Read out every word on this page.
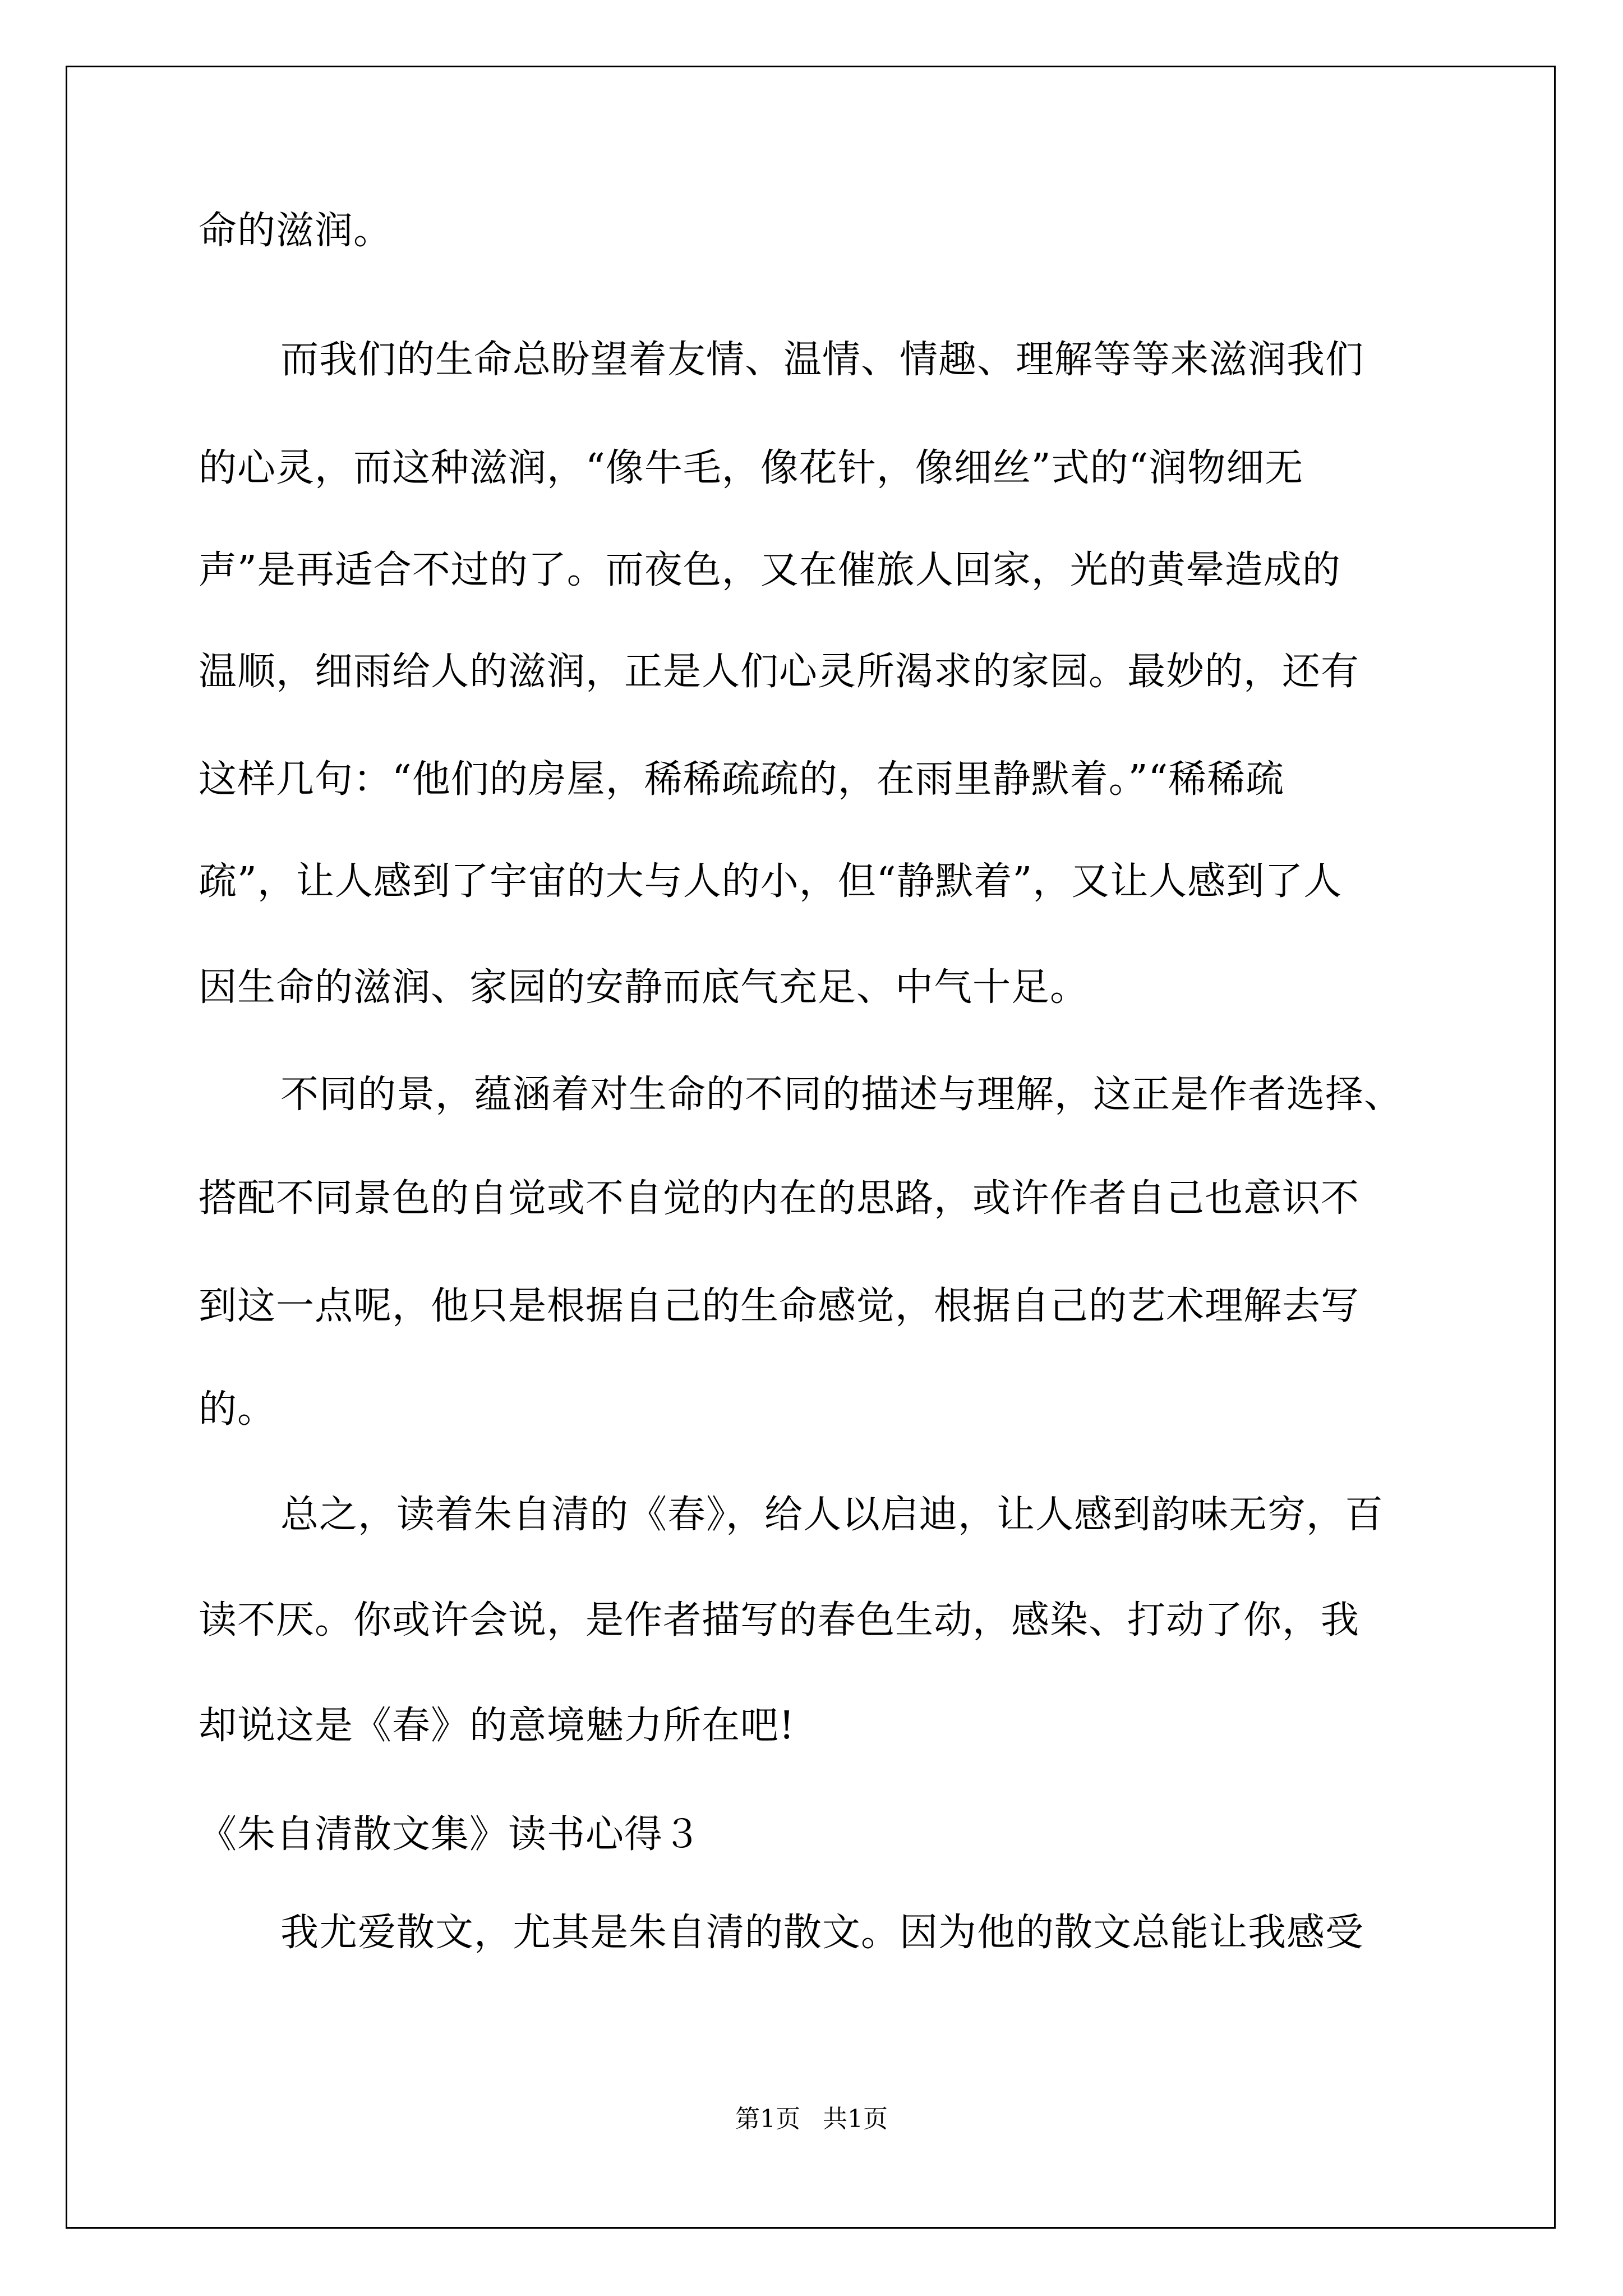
命的滋润。
而我们的生命总盼望着友情、温情、情趣、理解等等来滋润我们
的心灵，而这种滋润，“像牛毛，像花针，像细丝”式的“润物细无
声”是再适合不过的了。而夜色，又在催旅人回家，光的黄晕造成的
温顺，细雨给人的滋润，正是人们心灵所渴求的家园。最妙的，还有
这样几句：“他们的房屋，稀稀疏疏的，在雨里静默着。”“稀稀疏
疏”，让人感到了宇宙的大与人的小，但“静默着”，又让人感到了人
因生命的滋润、家园的安静而底气充足、中气十足。
不同的景，蕴涵着对生命的不同的描述与理解，这正是作者选择、
搭配不同景色的自觉或不自觉的内在的思路，或许作者自己也意识不
到这一点呢，他只是根据自己的生命感觉，根据自己的艺术理解去写
的。
总之，读着朱自清的《春》，给人以启迪，让人感到韵味无穷，百
读不厌。你或许会说，是作者描写的春色生动，感染、打动了你，我
却说这是《春》的意境魅力所在吧!
《朱自清散文集》读书心得３
我尤爱散文，尤其是朱自清的散文。因为他的散文总能让我感受
第1页 共1页
